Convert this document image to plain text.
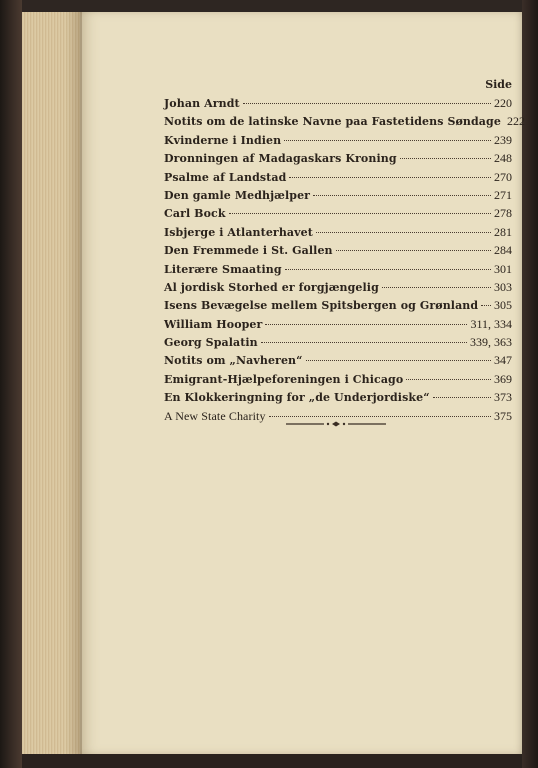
Side
Johan Arndt	220
Notits om de latinske Navne paa Fastetidens Søndage 222
Kvinderne i Indien	239
Dronningen af Madagaskars Kroning	248
Psalme af Landstad	270
Den gamle Medhjælper	271
Carl Bock	278
Isbjerge i Atlanterhavet	281
Den Fremmede i St. Gallen	284
Literære Smaating	301
Al jordisk Storhed er forgjængelig	303
Isens Bevægelse mellem Spitsbergen og Grønland 305
William Hooper	311, 334
Georg Spalatin	339, 363
Notits om „Navheren“	347
Emigrant-Hjælpeforeningen i Chicago	369
En Klokkeringning for „de Underjordiske“	373
A New State Charity	375
